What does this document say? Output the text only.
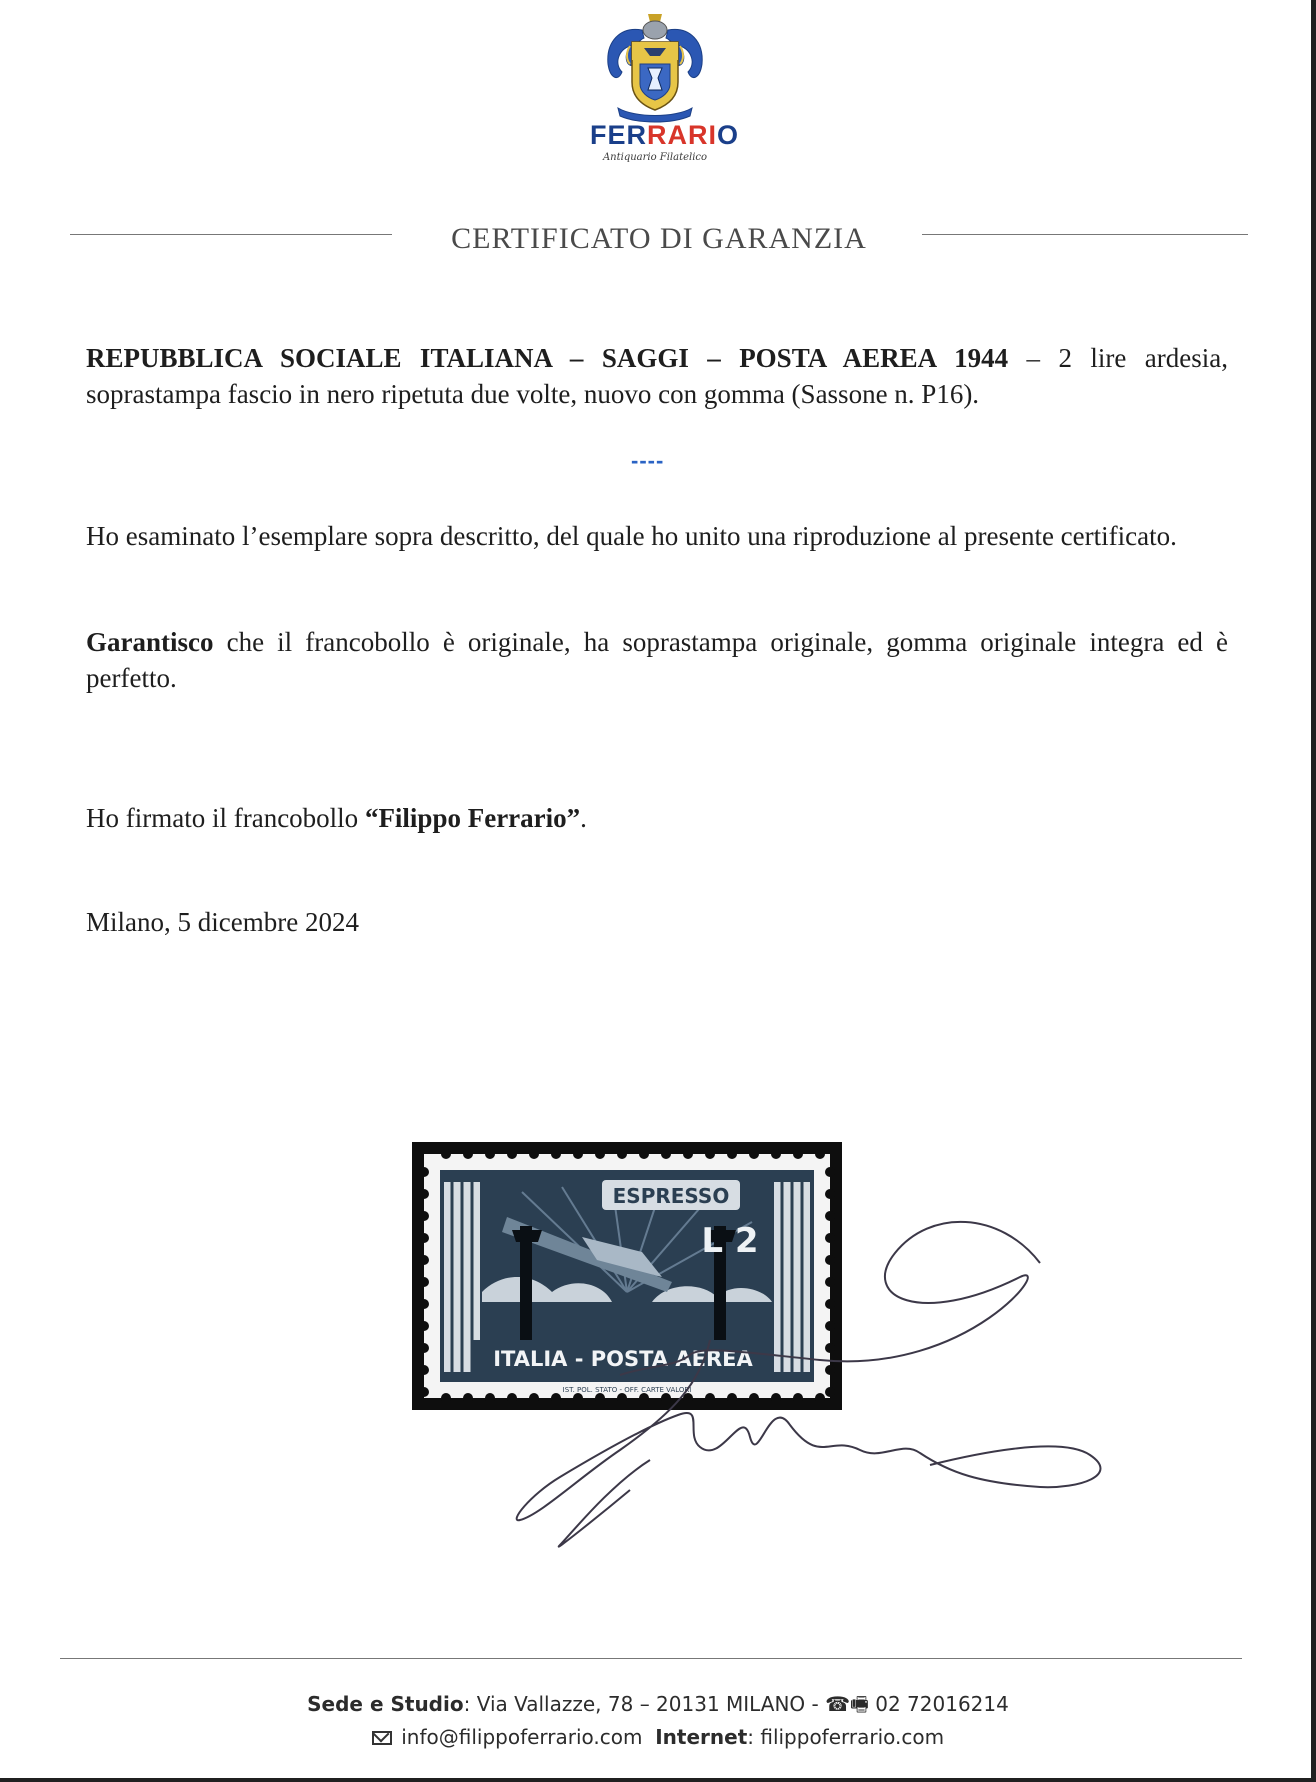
FERRARIO
Antiquario Filatelico
CERTIFICATO DI GARANZIA
REPUBBLICA SOCIALE ITALIANA – SAGGI – POSTA AEREA 1944 – 2 lire ardesia, soprastampa fascio in nero ripetuta due volte, nuovo con gomma (Sassone n. P16).
----
Ho esaminato l’esemplare sopra descritto, del quale ho unito una riproduzione al presente certificato.
Garantisco che il francobollo è originale, ha soprastampa originale, gomma originale integra ed è perfetto.
Ho firmato il francobollo “Filippo Ferrario”.
Milano, 5 dicembre 2024
ESPRESSO
L 2
ITALIA - POSTA AEREA
IST. POL. STATO - OFF. CARTE VALORI
Sede e Studio: Via Vallazze, 78 – 20131 MILANO - ☎🖷 02 72016214
info@filippoferrario.com Internet: filippoferrario.com
